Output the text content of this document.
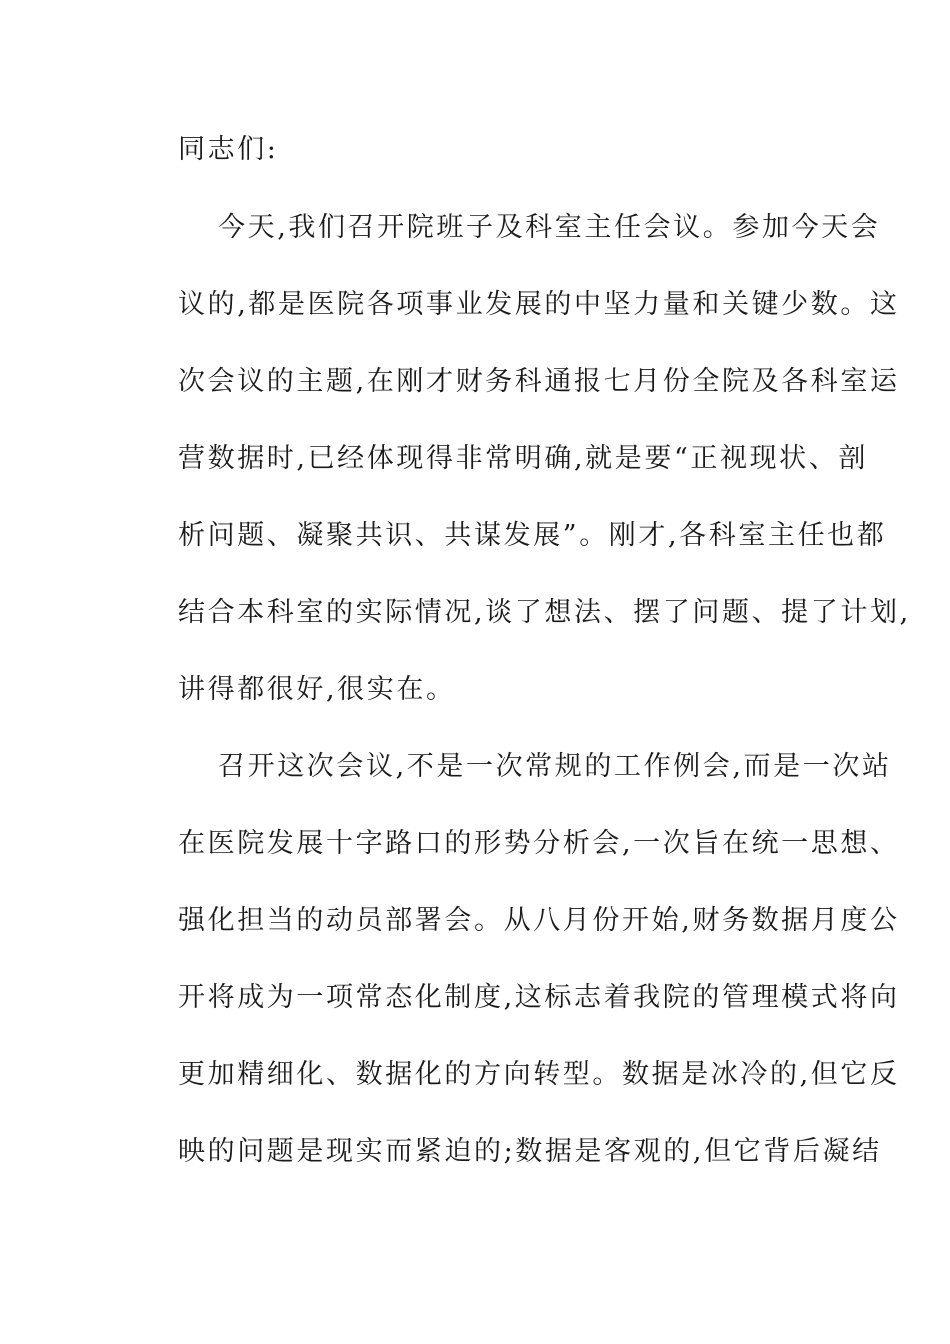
同志们:
今天,我们召开院班子及科室主任会议。参加今天会
议的,都是医院各项事业发展的中坚力量和关键少数。这
次会议的主题,在刚才财务科通报七月份全院及各科室运
营数据时,已经体现得非常明确,就是要“正视现状、剖
析问题、凝聚共识、共谋发展”。刚才,各科室主任也都
结合本科室的实际情况,谈了想法、摆了问题、提了计划,
讲得都很好,很实在。
召开这次会议,不是一次常规的工作例会,而是一次站
在医院发展十字路口的形势分析会,一次旨在统一思想、
强化担当的动员部署会。从八月份开始,财务数据月度公
开将成为一项常态化制度,这标志着我院的管理模式将向
更加精细化、数据化的方向转型。数据是冰冷的,但它反
映的问题是现实而紧迫的;数据是客观的,但它背后凝结
